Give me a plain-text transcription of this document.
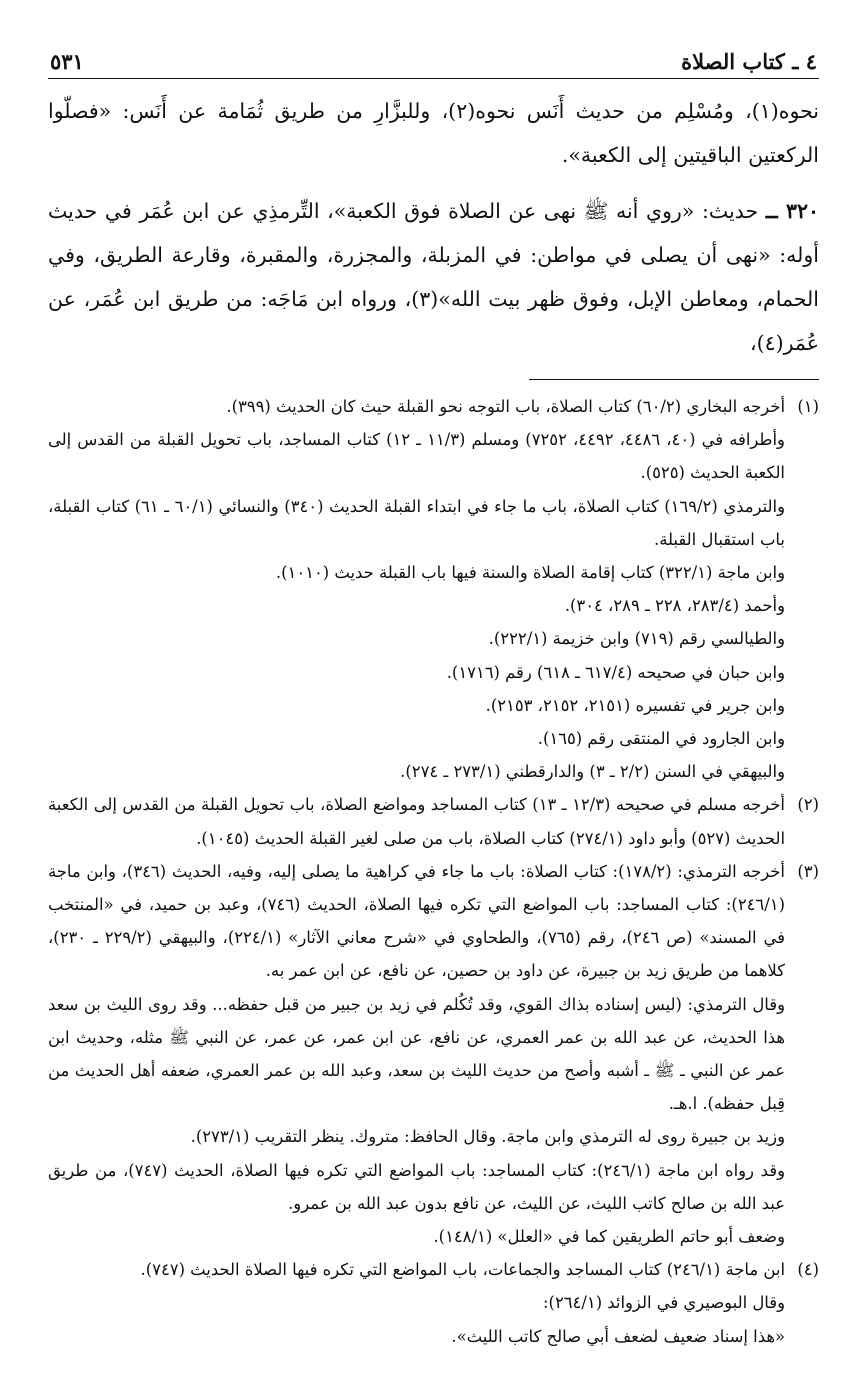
٤ ـ كتاب الصلاة
٥٣١

نحوه(١)، ومُسْلِم من حديث أَنَس نحوه(٢)، وللبزَّارِ من طريق ثُمَامة عن أَنَس: «فصلّوا الركعتين الباقيتين إلى الكعبة».

٣٢٠ ــ حديث: «روي أنه ﷺ نهى عن الصلاة فوق الكعبة»، التِّرمذِي عن ابن عُمَر في حديث أوله: «نهى أن يصلى في مواطن: في المزبلة، والمجزرة، والمقبرة، وقارعة الطريق، وفي الحمام، ومعاطن الإبل، وفوق ظهر بيت الله»(٣)، ورواه ابن مَاجَه: من طريق ابن عُمَر، عن عُمَر(٤)،

(١)
أخرجه البخاري (٦٠/٢) كتاب الصلاة، باب التوجه نحو القبلة حيث كان الحديث (٣٩٩).
وأطرافه في (٤٠، ٤٤٨٦، ٤٤٩٢، ٧٢٥٢) ومسلم (١١/٣ ـ ١٢) كتاب المساجد، باب تحويل القبلة من القدس إلى الكعبة الحديث (٥٢٥).
والترمذي (١٦٩/٢) كتاب الصلاة، باب ما جاء في ابتداء القبلة الحديث (٣٤٠) والنسائي (٦٠/١ ـ ٦١) كتاب القبلة، باب استقبال القبلة.
وابن ماجة (٣٢٢/١) كتاب إقامة الصلاة والسنة فيها باب القبلة حديث (١٠١٠).
وأحمد (٢٨٣/٤، ٢٢٨ ـ ٢٨٩، ٣٠٤).
والطيالسي رقم (٧١٩) وابن خزيمة (٢٢٢/١).
وابن حبان في صحيحه (٦١٧/٤ ـ ٦١٨) رقم (١٧١٦).
وابن جرير في تفسيره (٢١٥١، ٢١٥٢، ٢١٥٣).
وابن الجارود في المنتقى رقم (١٦٥).
والبيهقي في السنن (٢/٢ ـ ٣) والدارقطني (٢٧٣/١ ـ ٢٧٤).
(٢)
أخرجه مسلم في صحيحه (١٢/٣ ـ ١٣) كتاب المساجد ومواضع الصلاة، باب تحويل القبلة من القدس إلى الكعبة الحديث (٥٢٧) وأبو داود (٢٧٤/١) كتاب الصلاة، باب من صلى لغير القبلة الحديث (١٠٤٥).
(٣)
أخرجه الترمذي: (١٧٨/٢): كتاب الصلاة: باب ما جاء في كراهية ما يصلى إليه، وفيه، الحديث (٣٤٦)، وابن ماجة (٢٤٦/١): كتاب المساجد: باب المواضع التي تكره فيها الصلاة، الحديث (٧٤٦)، وعبد بن حميد، في «المنتخب في المسند» (ص ٢٤٦)، رقم (٧٦٥)، والطحاوي في «شرح معاني الآثار» (٢٢٤/١)، والبيهقي (٢٢٩/٢ ـ ٢٣٠)، كلاهما من طريق زيد بن جبيرة، عن داود بن حصين، عن نافع، عن ابن عمر به.
وقال الترمذي: (ليس إسناده بذاك القوي، وقد تُكُلم في زيد بن جبير من قبل حفظه... وقد روى الليث بن سعد هذا الحديث، عن عبد الله بن عمر العمري، عن نافع، عن ابن عمر، عن عمر، عن النبي ﷺ مثله، وحديث ابن عمر عن النبي ـ ﷺ ـ أشبه وأصح من حديث الليث بن سعد، وعبد الله بن عمر العمري، ضعفه أهل الحديث من قِبل حفظه). ا.هـ.
وزيد بن جبيرة روى له الترمذي وابن ماجة. وقال الحافظ: متروك. ينظر التقريب (٢٧٣/١).
وقد رواه ابن ماجة (٢٤٦/١): كتاب المساجد: باب المواضع التي تكره فيها الصلاة، الحديث (٧٤٧)، من طريق عبد الله بن صالح كاتب الليث، عن الليث، عن نافع بدون عبد الله بن عمرو.
وضعف أبو حاتم الطريقين كما في «العلل» (١٤٨/١).
(٤)
ابن ماجة (٢٤٦/١) كتاب المساجد والجماعات، باب المواضع التي تكره فيها الصلاة الحديث (٧٤٧).
وقال البوصيري في الزوائد (٢٦٤/١):
«هذا إسناد ضعيف لضعف أبي صالح كاتب الليث».
